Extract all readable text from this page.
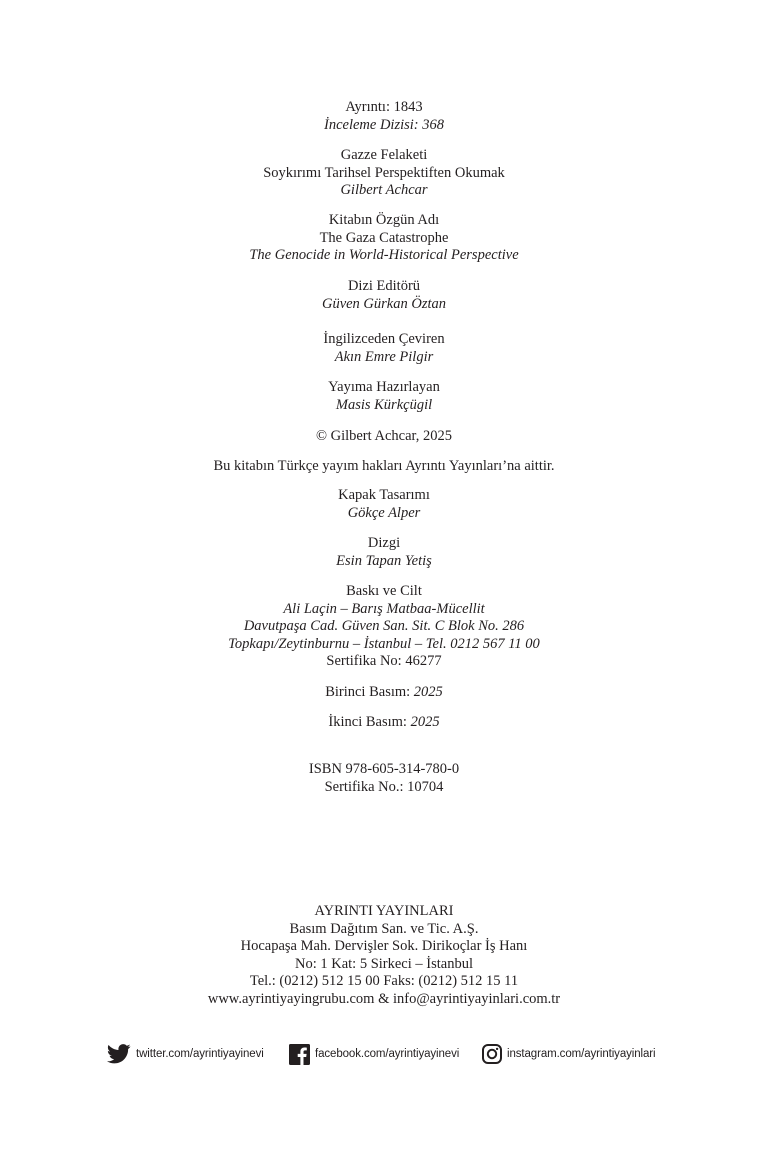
Ayrıntı: 1843
İnceleme Dizisi: 368
Gazze Felaketi
Soykırımı Tarihsel Perspektiften Okumak
Gilbert Achcar
Kitabın Özgün Adı
The Gaza Catastrophe
The Genocide in World-Historical Perspective
Dizi Editörü
Güven Gürkan Öztan
İngilizceden Çeviren
Akın Emre Pilgir
Yayıma Hazırlayan
Masis Kürkçügil
© Gilbert Achcar, 2025
Bu kitabın Türkçe yayım hakları Ayrıntı Yayınları’na aittir.
Kapak Tasarımı
Gökçe Alper
Dizgi
Esin Tapan Yetiş
Baskı ve Cilt
Ali Laçin – Barış Matbaa-Mücellit
Davutpaşa Cad. Güven San. Sit. C Blok No. 286
Topkapı/Zeytinburnu – İstanbul – Tel. 0212 567 11 00
Sertifika No: 46277
Birinci Basım: 2025
İkinci Basım: 2025
ISBN 978-605-314-780-0
Sertifika No.: 10704
AYRINTI YAYINLARI
Basım Dağıtım San. ve Tic. A.Ş.
Hocapaşa Mah. Dervişler Sok. Dirikoçlar İş Hanı
No: 1 Kat: 5 Sirkeci – İstanbul
Tel.: (0212) 512 15 00 Faks: (0212) 512 15 11
www.ayrintiyayingrubu.com & info@ayrintiyayinlari.com.tr
twitter.com/ayrintiyayinevi	facebook.com/ayrintiyayinevi	instagram.com/ayrintiyayinlari
